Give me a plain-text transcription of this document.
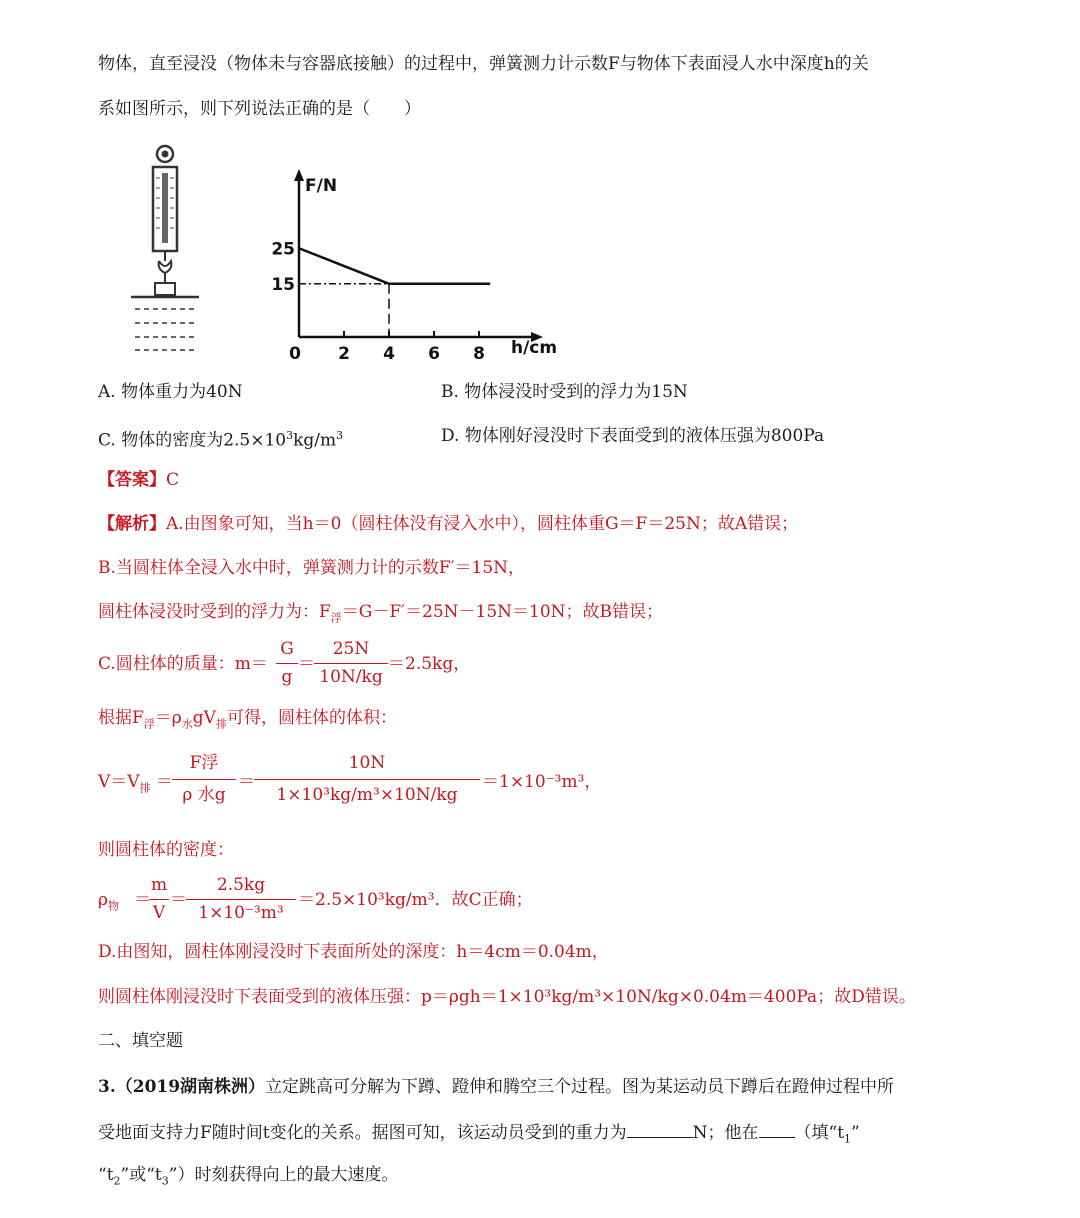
物体，直至浸没（物体未与容器底接触）的过程中，弹簧测力计示数F与物体下表面浸人水中深度h的关
系如图所示，则下列说法正确的是（　　）
F/N
h/cm
0 2 4 6 8
15
25
A. 物体重力为40N	B. 物体浸没时受到的浮力为15N
C. 物体的密度为$2.5\times 10^3kg/m^3$	D. 物体刚好浸没时下表面受到的液体压强为800Pa
【答案】C
【解析】A.由图象可知，当h＝0（圆柱体没有浸入水中），圆柱体重G＝F＝25N；故A错误；
B.当圆柱体全浸入水中时，弹簧测力计的示数F′＝15N，
圆柱体浸没时受到的浮力为：$F_浮=G-F'=25N-15N=10N$；故B错误；
C.圆柱体的质量：m＝
G
g
＝
25N
10N/kg
＝2.5kg，
根据$F_浮=\rho_水gV_排$可得，圆柱体的体积：
$V=V_排$ ＝
F浮
ρ 水g
＝
10N
1×10³kg/m³×10N/kg
＝1×10⁻³m³，
则圆柱体的密度：
$\rho_物$ ＝
m
V
＝
2.5kg
1×10⁻³m³
＝2.5×10³kg/m³．故C正确；
D.由图知，圆柱体刚浸没时下表面所处的深度：h＝4cm＝0.04m，
则圆柱体刚浸没时下表面受到的液体压强：p＝ρgh＝1×10³kg/m³×10N/kg×0.04m＝400Pa；故D错误。
二、填空题
3.（2019湖南株洲）立定跳高可分解为下蹲、蹬伸和腾空三个过程。图为某运动员下蹲后在蹬伸过程中所
受地面支持力F随时间t变化的关系。据图可知，该运动员受到的重力为	N；他在 （填“$t_1$”
“$t_2$”或“$t_3$”）时刻获得向上的最大速度。
